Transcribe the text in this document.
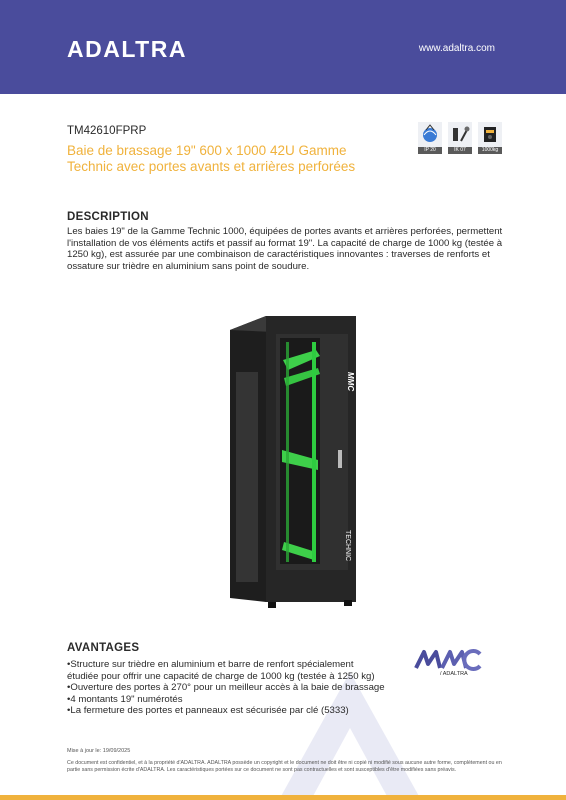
ADALTRA	www.adaltra.com
TM42610FPRP
Baie de brassage 19" 600 x 1000 42U Gamme Technic avec portes avants et arrières perforées
IP 20	IK 07	1000kg
DESCRIPTION
Les baies 19" de la Gamme Technic 1000, équipées de portes avants et arrières perforées, permettent l'installation de vos éléments actifs et passif au format 19". La capacité de charge de 1000 kg (testée à 1250 kg), est assurée par une combinaison de caractéristiques innovantes : traverses de renforts et ossature sur trièdre en aluminium sans point de soudure.
MMC
TECHNIC
AVANTAGES
•Structure sur trièdre en aluminium et barre de renfort spécialement étudiée pour offrir une capacité de charge de 1000 kg (testée à 1250 kg)
•Ouverture des portes à 270° pour un meilleur accès à la baie de brassage
•4 montants 19" numérotés
•La fermeture des portes et panneaux est sécurisée par clé (5333)
/ ADALTRA
Mise à jour le: 19/09/2025
Ce document est confidentiel, et à la propriété d'ADALTRA. ADALTRA possède un copyright et le document ne doit être ni copié ni modifié sous aucune autre forme, complètement ou en partie sans permission écrite d'ADALTRA. Les caractéristiques portées sur ce document ne sont pas contractuelles et sont susceptibles d'être modifiées sans préavis.
